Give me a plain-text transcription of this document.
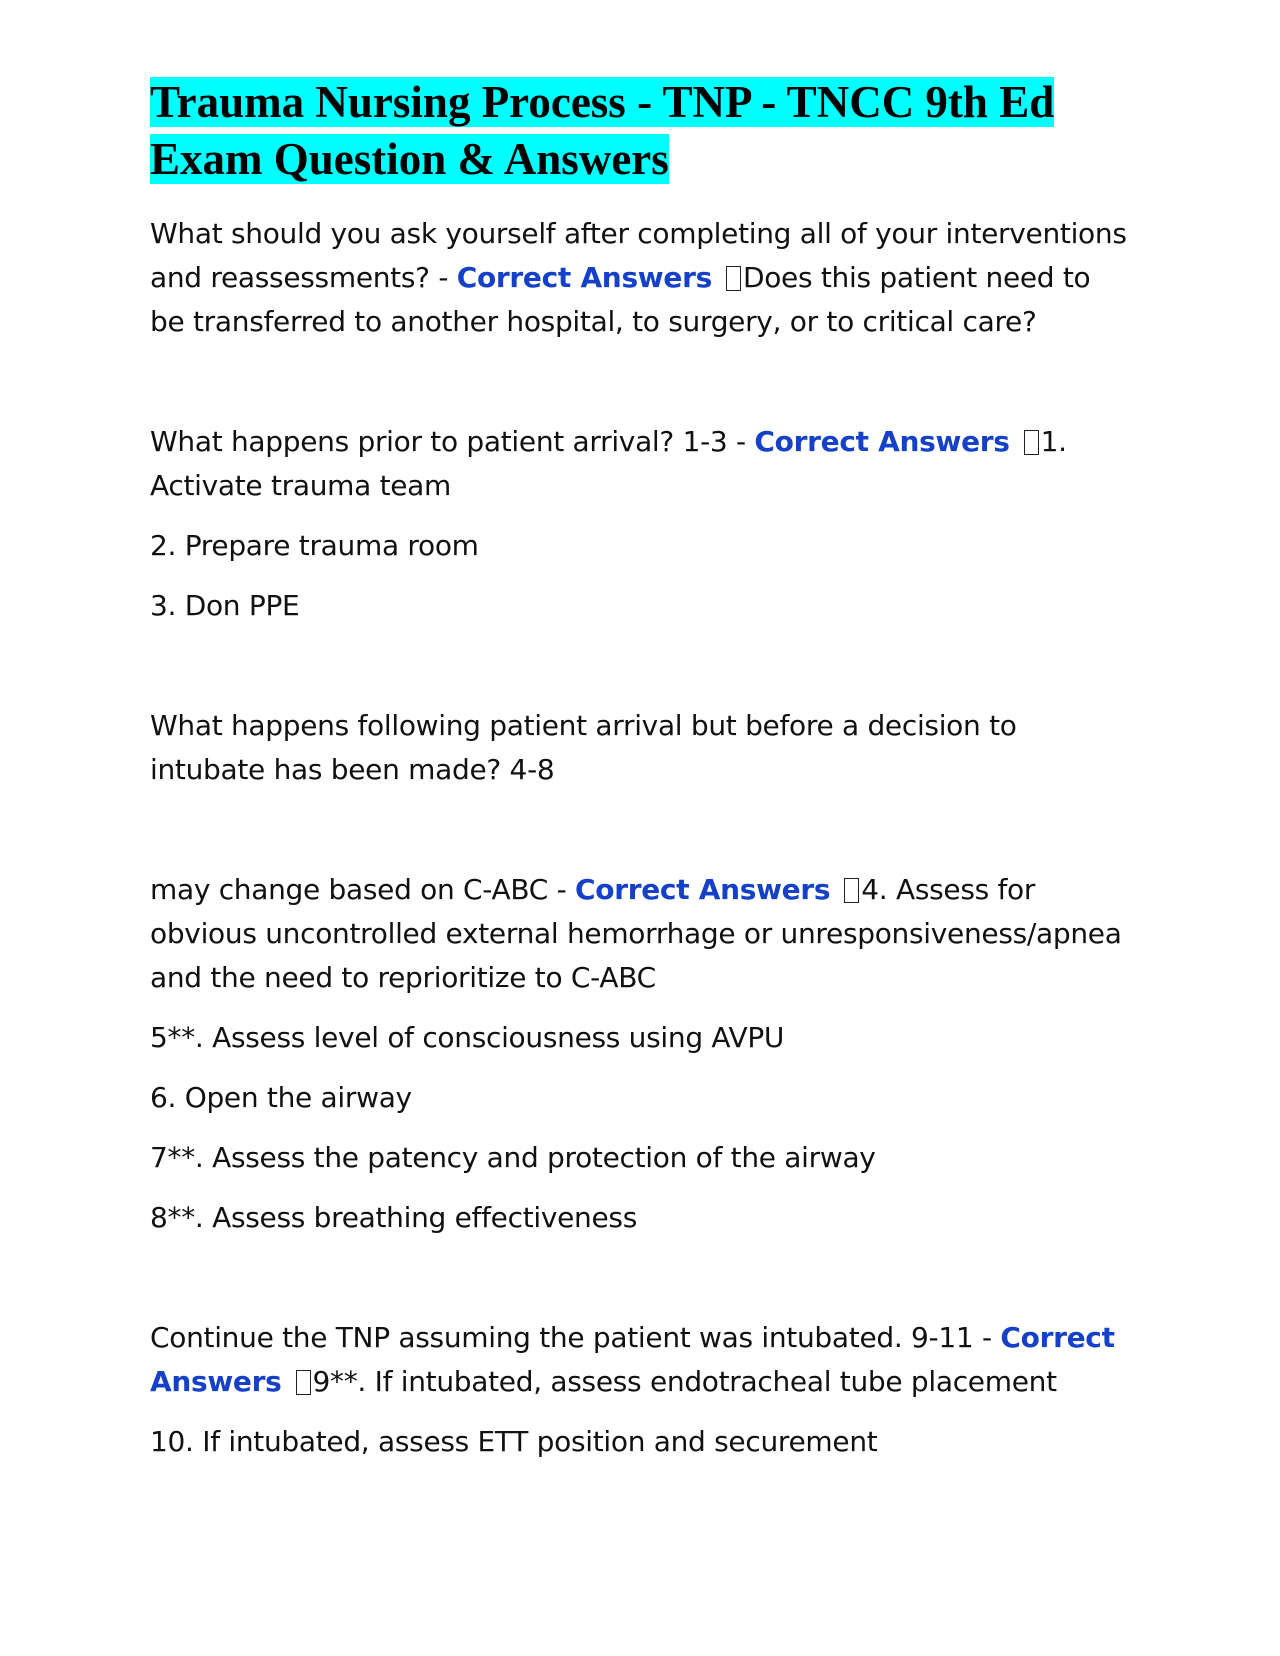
Trauma Nursing Process - TNP - TNCC 9th Ed Exam Question & Answers

What should you ask yourself after completing all of your interventions and reassessments? - Correct Answers Does this patient need to be transferred to another hospital, to surgery, or to critical care?

What happens prior to patient arrival? 1-3 - Correct Answers 1. Activate trauma team

2. Prepare trauma room

3. Don PPE

What happens following patient arrival but before a decision to intubate has been made? 4-8

may change based on C-ABC - Correct Answers 4. Assess for obvious uncontrolled external hemorrhage or unresponsiveness/apnea and the need to reprioritize to C-ABC

5**. Assess level of consciousness using AVPU

6. Open the airway

7**. Assess the patency and protection of the airway

8**. Assess breathing effectiveness

Continue the TNP assuming the patient was intubated. 9-11 - Correct Answers 9**. If intubated, assess endotracheal tube placement

10. If intubated, assess ETT position and securement
